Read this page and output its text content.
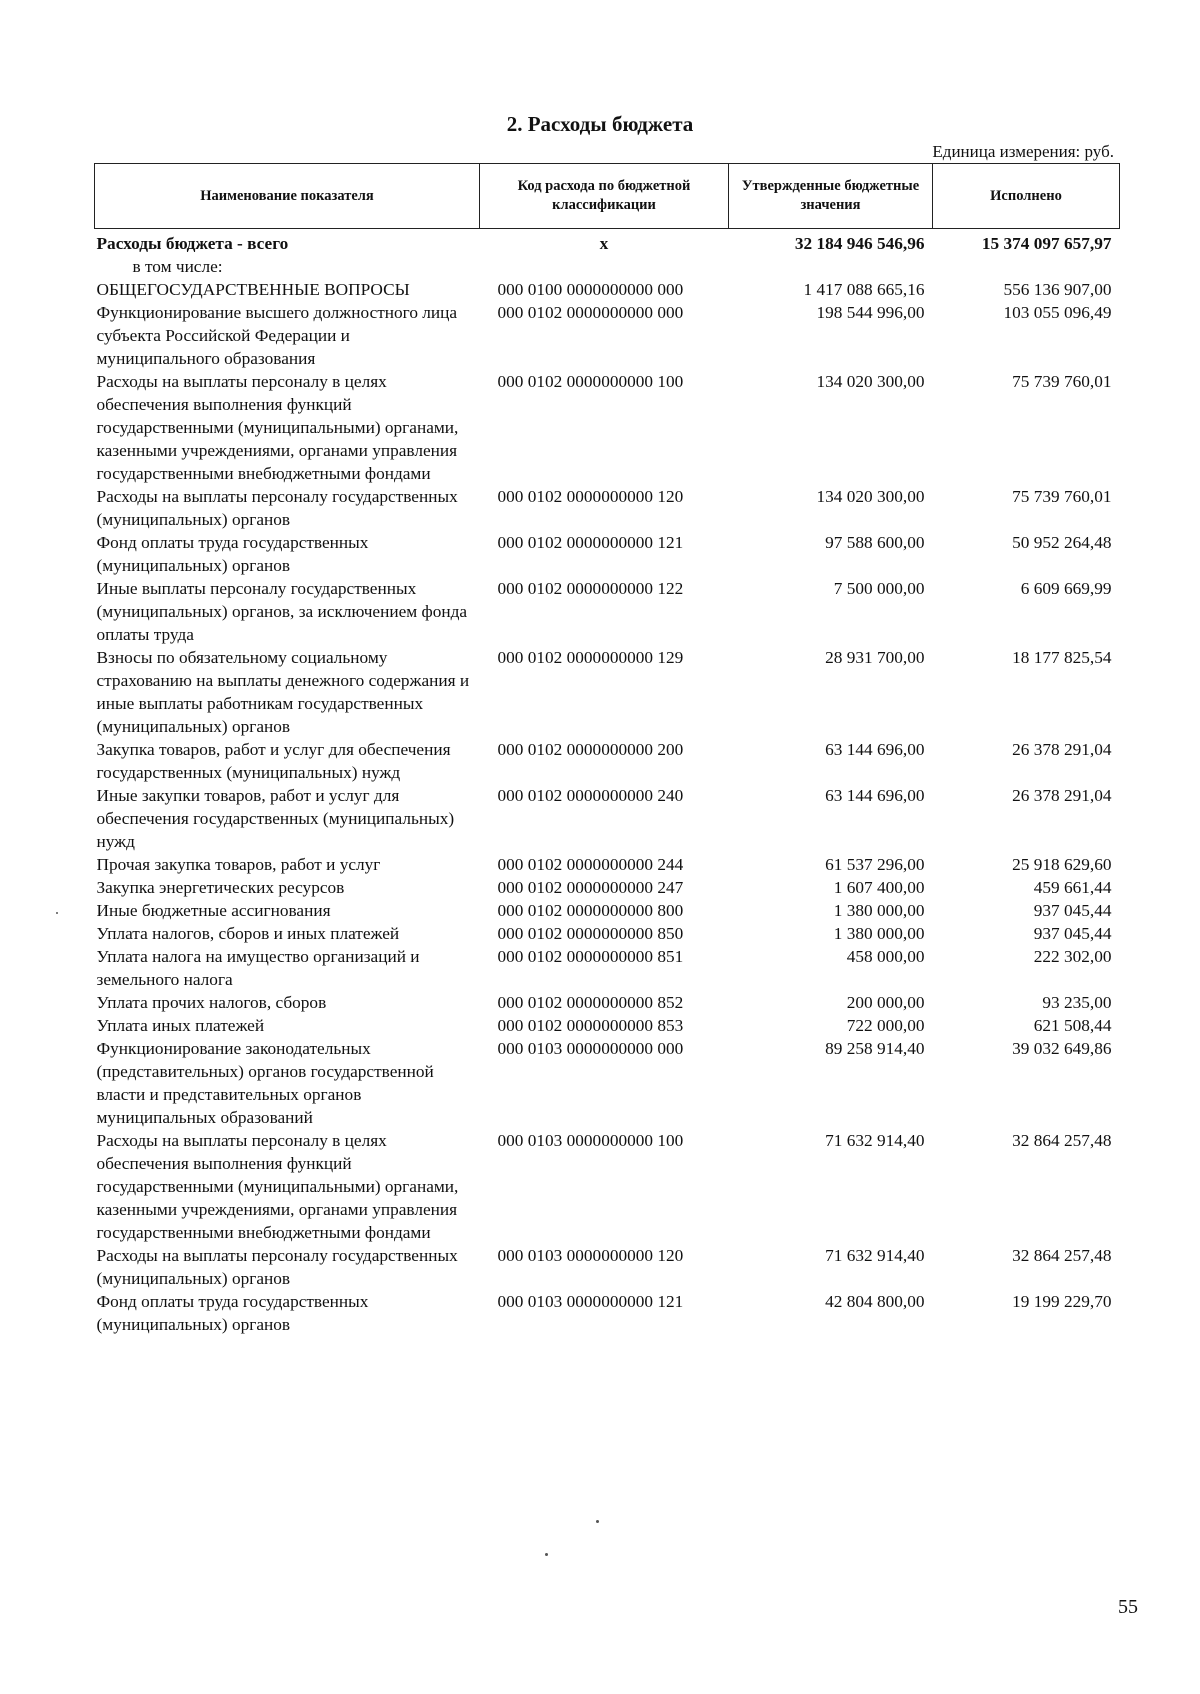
2. Расходы бюджета
Единица измерения: руб.
Наименование показателя	Код расхода по бюджетной классификации	Утвержденные бюджетные значения	Исполнено
Расходы бюджета - всего	x	32 184 946 546,96	15 374 097 657,97
в том числе:			
ОБЩЕГОСУДАРСТВЕННЫЕ ВОПРОСЫ	000 0100 0000000000 000	1 417 088 665,16	556 136 907,00
Функционирование высшего должностного лица субъекта Российской Федерации и муниципального образования	000 0102 0000000000 000	198 544 996,00	103 055 096,49
Расходы на выплаты персоналу в целях обеспечения выполнения функций государственными (муниципальными) органами, казенными учреждениями, органами управления государственными внебюджетными фондами	000 0102 0000000000 100	134 020 300,00	75 739 760,01
Расходы на выплаты персоналу государственных (муниципальных) органов	000 0102 0000000000 120	134 020 300,00	75 739 760,01
Фонд оплаты труда государственных (муниципальных) органов	000 0102 0000000000 121	97 588 600,00	50 952 264,48
Иные выплаты персоналу государственных (муниципальных) органов, за исключением фонда оплаты труда	000 0102 0000000000 122	7 500 000,00	6 609 669,99
Взносы по обязательному социальному страхованию на выплаты денежного содержания и иные выплаты работникам государственных (муниципальных) органов	000 0102 0000000000 129	28 931 700,00	18 177 825,54
Закупка товаров, работ и услуг для обеспечения государственных (муниципальных) нужд	000 0102 0000000000 200	63 144 696,00	26 378 291,04
Иные закупки товаров, работ и услуг для обеспечения государственных (муниципальных) нужд	000 0102 0000000000 240	63 144 696,00	26 378 291,04
Прочая закупка товаров, работ и услуг	000 0102 0000000000 244	61 537 296,00	25 918 629,60
Закупка энергетических ресурсов	000 0102 0000000000 247	1 607 400,00	459 661,44
Иные бюджетные ассигнования	000 0102 0000000000 800	1 380 000,00	937 045,44
Уплата налогов, сборов и иных платежей	000 0102 0000000000 850	1 380 000,00	937 045,44
Уплата налога на имущество организаций и земельного налога	000 0102 0000000000 851	458 000,00	222 302,00
Уплата прочих налогов, сборов	000 0102 0000000000 852	200 000,00	93 235,00
Уплата иных платежей	000 0102 0000000000 853	722 000,00	621 508,44
Функционирование законодательных (представительных) органов государственной власти и представительных органов муниципальных образований	000 0103 0000000000 000	89 258 914,40	39 032 649,86
Расходы на выплаты персоналу в целях обеспечения выполнения функций государственными (муниципальными) органами, казенными учреждениями, органами управления государственными внебюджетными фондами	000 0103 0000000000 100	71 632 914,40	32 864 257,48
Расходы на выплаты персоналу государственных (муниципальных) органов	000 0103 0000000000 120	71 632 914,40	32 864 257,48
Фонд оплаты труда государственных (муниципальных) органов	000 0103 0000000000 121	42 804 800,00	19 199 229,70
55
